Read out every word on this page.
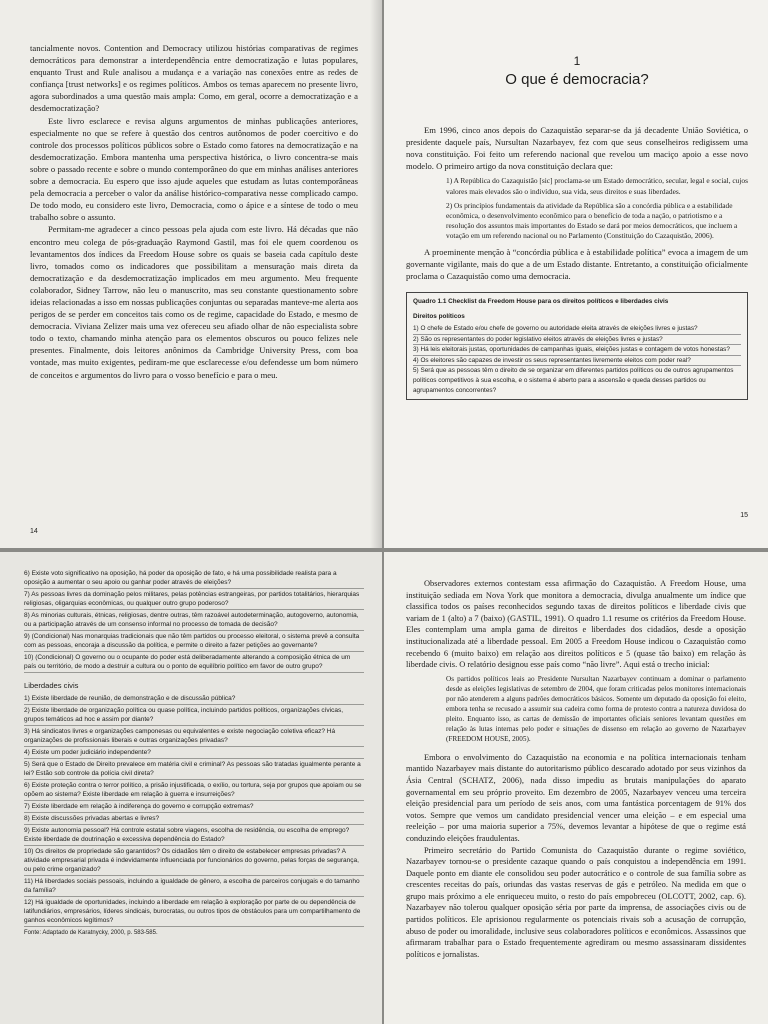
tancialmente novos. Contention and Democracy utilizou histórias comparativas de regimes democráticos para demonstrar a interdependência entre democratização e lutas populares, enquanto Trust and Rule analisou a mudança e a variação nas conexões entre as redes de confiança [trust networks] e os regimes políticos. Ambos os temas aparecem no presente livro, agora subordinados a uma questão mais ampla: Como, em geral, ocorre a democratização e a desdemocratização?

Este livro esclarece e revisa alguns argumentos de minhas publicações anteriores, especialmente no que se refere à questão dos centros autônomos de poder coercitivo e do controle dos processos políticos públicos sobre o Estado como fatores na democratização e na desdemocratização. Embora mantenha uma perspectiva histórica, o livro concentra-se mais sobre o passado recente e sobre o mundo contemporâneo do que em minhas análises anteriores sobre a democracia. Eu espero que isso ajude aqueles que estudam as lutas contemporâneas pela democracia a perceber o valor da análise histórico-comparativa nesse complicado campo. De todo modo, eu considero este livro, Democracia, como o ápice e a síntese de todo o meu trabalho sobre o assunto.

Permitam-me agradecer a cinco pessoas pela ajuda com este livro. Há décadas que não encontro meu colega de pós-graduação Raymond Gastil, mas foi ele quem coordenou os levantamentos dos índices da Freedom House sobre os quais se baseia cada capítulo deste livro, tomados como os indicadores que possibilitam a mensuração mais direta da democratização e da desdemocratização implicados em meu argumento. Meu frequente colaborador, Sidney Tarrow, não leu o manuscrito, mas seu constante questionamento sobre ideias relacionadas a isso em nossas publicações conjuntas ou separadas manteve-me alerta aos perigos de se perder em conceitos tais como os de regime, capacidade do Estado, e mesmo de democracia. Viviana Zelizer mais uma vez ofereceu seu afiado olhar de não especialista sobre todo o texto, chamando minha atenção para os elementos obscuros ou pouco felizes nele presentes. Finalmente, dois leitores anônimos da Cambridge University Press, com boa vontade, mas muito exigentes, pediram-me que esclarecesse e/ou defendesse um bom número de conceitos e argumentos do livro para o vosso benefício e para o meu.

14
1
O que é democracia?

Em 1996, cinco anos depois do Cazaquistão separar-se da já decadente União Soviética, o presidente daquele país, Nursultan Nazarbayev, fez com que seus conselheiros redigissem uma nova constituição. Foi feito um referendo nacional que revelou um maciço apoio a esse novo modelo. O primeiro artigo da nova constituição declara que:

1) A República do Cazaquistão [sic] proclama-se um Estado democrático, secular, legal e social, cujos valores mais elevados são o indivíduo, sua vida, seus direitos e suas liberdades.

2) Os princípios fundamentais da atividade da República são a concórdia pública e a estabilidade econômica, o desenvolvimento econômico para o benefício de toda a nação, o patriotismo e a resolução dos assuntos mais importantes do Estado se dará por meios democráticos, que incluem a votação em um referendo nacional ou no Parlamento (Constituição do Cazaquistão, 2006).

A proeminente menção à “concórdia pública e à estabilidade política” evoca a imagem de um governante vigilante, mais do que a de um Estado distante. Entretanto, a constituição oficialmente proclama o Cazaquistão como uma democracia.

Quadro 1.1 Checklist da Freedom House para os direitos políticos e liberdades civis
Direitos políticos
1) O chefe de Estado e/ou chefe de governo ou autoridade eleita através de eleições livres e justas?
2) São os representantes do poder legislativo eleitos através de eleições livres e justas?
3) Há leis eleitorais justas, oportunidades de campanhas iguais, eleições justas e contagem de votos honestas?
4) Os eleitores são capazes de investir os seus representantes livremente eleitos com poder real?
5) Será que as pessoas têm o direito de se organizar em diferentes partidos políticos ou de outros agrupamentos políticos competitivos à sua escolha, e o sistema é aberto para a ascensão e queda desses partidos ou agrupamentos concorrentes?
15
6) Existe voto significativo na oposição, há poder da oposição de fato, e há uma possibilidade realista para a oposição a aumentar o seu apoio ou ganhar poder através de eleições?
7) As pessoas livres da dominação pelos militares, pelas potências estrangeiras, por partidos totalitários, hierarquias religiosas, oligarquias econômicas, ou qualquer outro grupo poderoso?
8) As minorias culturais, étnicas, religiosas, dentre outras, têm razoável autodeterminação, autogoverno, autonomia, ou a participação através de um consenso informal no processo de tomada de decisão?
9) (Condicional) Nas monarquias tradicionais que não têm partidos ou processo eleitoral, o sistema prevê a consulta com as pessoas, encoraja a discussão da política, e permite o direito a fazer petições ao governante?
10) (Condicional) O governo ou o ocupante do poder está deliberadamente alterando a composição étnica de um país ou território, de modo a destruir a cultura ou o ponto de equilíbrio político em favor de outro grupo?
Liberdades civis
1) Existe liberdade de reunião, de demonstração e de discussão pública?
2) Existe liberdade de organização política ou quase política, incluindo partidos políticos, organizações cívicas, grupos temáticos ad hoc e assim por diante?
3) Há sindicatos livres e organizações camponesas ou equivalentes e existe negociação coletiva eficaz? Há organizações de profissionais liberais e outras organizações privadas?
4) Existe um poder judiciário independente?
5) Será que o Estado de Direito prevalece em matéria civil e criminal? As pessoas são tratadas igualmente perante a lei? Estão sob controle da polícia civil direta?
6) Existe proteção contra o terror político, a prisão injustificada, o exílio, ou tortura, seja por grupos que apoiam ou se opõem ao sistema? Existe liberdade em relação à guerra e insurreições?
7) Existe liberdade em relação à indiferença do governo e corrupção extremas?
8) Existe discussões privadas abertas e livres?
9) Existe autonomia pessoal? Há controle estatal sobre viagens, escolha de residência, ou escolha de emprego? Existe liberdade de doutrinação e excessiva dependência do Estado?
10) Os direitos de propriedade são garantidos? Os cidadãos têm o direito de estabelecer empresas privadas? A atividade empresarial privada é indevidamente influenciada por funcionários do governo, pelas forças de segurança, ou pelo crime organizado?
11) Há liberdades sociais pessoais, incluindo a igualdade de gênero, a escolha de parceiros conjugais e do tamanho da família?
12) Há igualdade de oportunidades, incluindo a liberdade em relação à exploração por parte de ou dependência de latifundiários, empresários, líderes sindicais, burocratas, ou outros tipos de obstáculos para um compartilhamento de ganhos econômicos legítimos?
Fonte: Adaptado de Karatnycky, 2000, p. 583-585.

Observadores externos contestam essa afirmação do Cazaquistão. A Freedom House, uma instituição sediada em Nova York que monitora a democracia, divulga anualmente um índice que classifica todos os países reconhecidos segundo taxas de direitos políticos e liberdade civis que variam de 1 (alto) a 7 (baixo) (GASTIL, 1991). O quadro 1.1 resume os critérios da Freedom House. Eles contemplam uma ampla gama de direitos e liberdades dos cidadãos, desde a oposição institucionalizada até a liberdade pessoal. Em 2005 a Freedom House indicou o Cazaquistão como recebendo 6 (muito baixo) em relação aos direitos políticos e 5 (quase tão baixo) em relação às liberdade civis. O relatório designou esse país como “não livre”. Aqui está o trecho inicial:

Os partidos políticos leais ao Presidente Nursultan Nazarbayev continuam a dominar o parlamento desde as eleições legislativas de setembro de 2004, que foram criticadas pelos monitores internacionais por não atenderem a alguns padrões democráticos básicos. Somente um deputado da oposição foi eleito, embora tenha se recusado a assumir sua cadeira como forma de protesto contra a natureza duvidosa do pleito. Enquanto isso, as cartas de demissão de importantes oficiais seniores levantam questões em relação às lutas internas pelo poder e situações de dissenso em relação ao governo de Nazarbayev (FREEDOM HOUSE, 2005).

Embora o envolvimento do Cazaquistão na economia e na política internacionais tenham mantido Nazarbayev mais distante do autoritarismo público descarado adotado por seus vizinhos da Ásia Central (SCHATZ, 2006), nada disso impediu as brutais manipulações do aparato governamental em seu próprio proveito. Em dezembro de 2005, Nazarbayev venceu uma terceira eleição presidencial para um período de seis anos, com uma fantástica porcentagem de 91% dos votos. Sempre que vemos um candidato presidencial vencer uma eleição – e em especial uma reeleição – por uma maioria superior a 75%, devemos levantar a hipótese de que o regime está conduzindo eleições fraudulentas.

Primeiro secretário do Partido Comunista do Cazaquistão durante o regime soviético, Nazarbayev tornou-se o presidente cazaque quando o país conquistou a independência em 1991. Daquele ponto em diante ele consolidou seu poder autocrático e o controle de sua família sobre as crescentes receitas do país, oriundas das vastas reservas de gás e petróleo. Na medida em que o grupo mais próximo a ele enriqueceu muito, o resto do país empobreceu (OLCOTT, 2002, cap. 6). Nazarbayev não tolerou qualquer oposição séria por parte da imprensa, de associações civis ou de partidos políticos. Ele aprisionou regularmente os potenciais rivais sob a acusação de corrupção, abuso de poder ou imoralidade, inclusive seus colaboradores políticos e econômicos. Assassinos que afirmaram trabalhar para o Estado frequentemente agrediram ou mesmo assassinaram dissidentes políticos e jornalistas.
